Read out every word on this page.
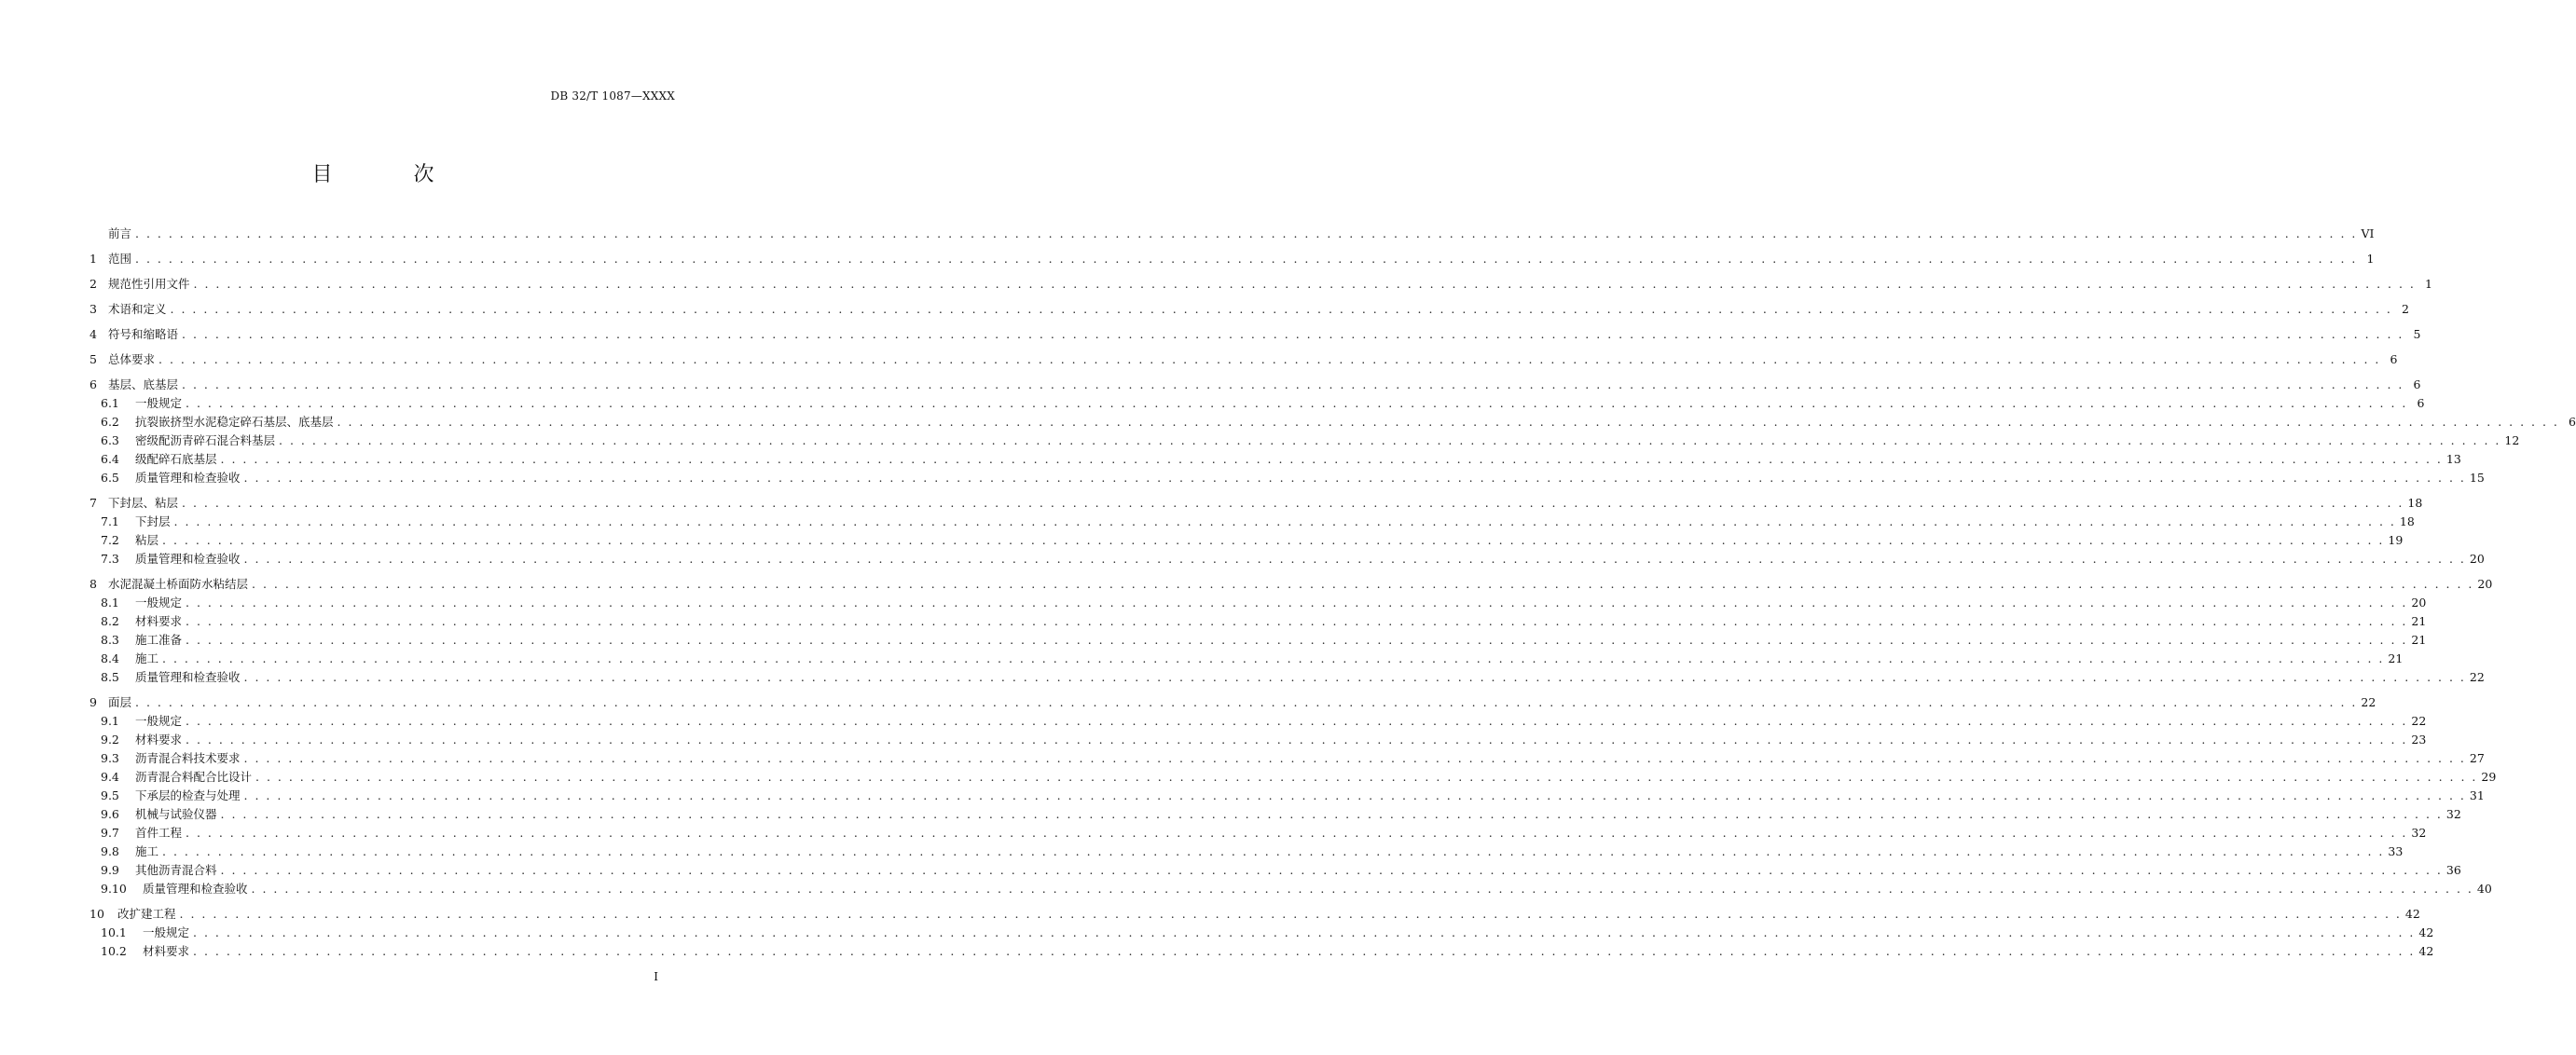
DB 32/T 1087—XXXX
目 次
前言 . . . . . . . . . . . . . . . . . . . . . . . . . . . . . . . . . . . . . . . . . . . . . . . . . . . . . . . . . . . . . . . . . . . . . . . . . . . . . . . . . . . . . . . . . . . . . . . . . . . . . . . . . . . . . . . . . . . . . . . . . . . . . . . . . . . . . . . . . . . . . . . . . . . . . . . . . . . . . . . . . . . . . . . . . . . . . . . . . . . . . . . . . . . . . . . . . . . . . . . . VI
1 范围 . . . . . . . . . . . . . . . . . . . . . . . . . . . . . . . . . . . . . . . . . . . . . . . . . . . . . . . . . . . . . . . . . . . . . . . . . . . . . . . . . . . . . . . . . . . . . . . . . . . . . . . . . . . . . . . . . . . . . . . . . . . . . . . . . . . . . . . . . . . . . . . . . . . . . . . . . . . . . . . . . . . . . . . . . . . . . . . . . . . . . . . . . . . . . . . . . . . . . . . . 1
2 规范性引用文件 . . . . . . . . . . . . . . . . . . . . . . . . . . . . . . . . . . . . . . . . . . . . . . . . . . . . . . . . . . . . . . . . . . . . . . . . . . . . . . . . . . . . . . . . . . . . . . . . . . . . . . . . . . . . . . . . . . . . . . . . . . . . . . . . . . . . . . . . . . . . . . . . . . . . . . . . . . . . . . . . . . . . . . . . . . . . . . . . . . . . . . . . . . . . . . . . . . . . . . . . 1
3 术语和定义 . . . . . . . . . . . . . . . . . . . . . . . . . . . . . . . . . . . . . . . . . . . . . . . . . . . . . . . . . . . . . . . . . . . . . . . . . . . . . . . . . . . . . . . . . . . . . . . . . . . . . . . . . . . . . . . . . . . . . . . . . . . . . . . . . . . . . . . . . . . . . . . . . . . . . . . . . . . . . . . . . . . . . . . . . . . . . . . . . . . . . . . . . . . . . . . . . . . . . . . . 2
4 符号和缩略语 . . . . . . . . . . . . . . . . . . . . . . . . . . . . . . . . . . . . . . . . . . . . . . . . . . . . . . . . . . . . . . . . . . . . . . . . . . . . . . . . . . . . . . . . . . . . . . . . . . . . . . . . . . . . . . . . . . . . . . . . . . . . . . . . . . . . . . . . . . . . . . . . . . . . . . . . . . . . . . . . . . . . . . . . . . . . . . . . . . . . . . . . . . . . . . . . . . . . . . . . 5
5 总体要求 . . . . . . . . . . . . . . . . . . . . . . . . . . . . . . . . . . . . . . . . . . . . . . . . . . . . . . . . . . . . . . . . . . . . . . . . . . . . . . . . . . . . . . . . . . . . . . . . . . . . . . . . . . . . . . . . . . . . . . . . . . . . . . . . . . . . . . . . . . . . . . . . . . . . . . . . . . . . . . . . . . . . . . . . . . . . . . . . . . . . . . . . . . . . . . . . . . . . . . . . 6
6 基层、底基层 . . . . . . . . . . . . . . . . . . . . . . . . . . . . . . . . . . . . . . . . . . . . . . . . . . . . . . . . . . . . . . . . . . . . . . . . . . . . . . . . . . . . . . . . . . . . . . . . . . . . . . . . . . . . . . . . . . . . . . . . . . . . . . . . . . . . . . . . . . . . . . . . . . . . . . . . . . . . . . . . . . . . . . . . . . . . . . . . . . . . . . . . . . . . . . . . . . . . . . . . 6
6.1	一般规定 . . . . . . . . . . . . . . . . . . . . . . . . . . . . . . . . . . . . . . . . . . . . . . . . . . . . . . . . . . . . . . . . . . . . . . . . . . . . . . . . . . . . . . . . . . . . . . . . . . . . . . . . . . . . . . . . . . . . . . . . . . . . . . . . . . . . . . . . . . . . . . . . . . . . . . . . . . . . . . . . . . . . . . . . . . . . . . . . . . . . . . . . . . . . . . . . . . . . . . . . 6
6.2	抗裂嵌挤型水泥稳定碎石基层、底基层 . . . . . . . . . . . . . . . . . . . . . . . . . . . . . . . . . . . . . . . . . . . . . . . . . . . . . . . . . . . . . . . . . . . . . . . . . . . . . . . . . . . . . . . . . . . . . . . . . . . . . . . . . . . . . . . . . . . . . . . . . . . . . . . . . . . . . . . . . . . . . . . . . . . . . . . . . . . . . . . . . . . . . . . . . . . . . . . . . . . . . . . . . . . . . . . . . . . . . . . . 6
6.3	密级配沥青碎石混合料基层 . . . . . . . . . . . . . . . . . . . . . . . . . . . . . . . . . . . . . . . . . . . . . . . . . . . . . . . . . . . . . . . . . . . . . . . . . . . . . . . . . . . . . . . . . . . . . . . . . . . . . . . . . . . . . . . . . . . . . . . . . . . . . . . . . . . . . . . . . . . . . . . . . . . . . . . . . . . . . . . . . . . . . . . . . . . . . . . . . . . . . . . . . . . . . . . . . . . . . . . . 12
6.4	级配碎石底基层 . . . . . . . . . . . . . . . . . . . . . . . . . . . . . . . . . . . . . . . . . . . . . . . . . . . . . . . . . . . . . . . . . . . . . . . . . . . . . . . . . . . . . . . . . . . . . . . . . . . . . . . . . . . . . . . . . . . . . . . . . . . . . . . . . . . . . . . . . . . . . . . . . . . . . . . . . . . . . . . . . . . . . . . . . . . . . . . . . . . . . . . . . . . . . . . . . . . . . . . . 13
6.5	质量管理和检查验收 . . . . . . . . . . . . . . . . . . . . . . . . . . . . . . . . . . . . . . . . . . . . . . . . . . . . . . . . . . . . . . . . . . . . . . . . . . . . . . . . . . . . . . . . . . . . . . . . . . . . . . . . . . . . . . . . . . . . . . . . . . . . . . . . . . . . . . . . . . . . . . . . . . . . . . . . . . . . . . . . . . . . . . . . . . . . . . . . . . . . . . . . . . . . . . . . . . . . . . . . 15
7 下封层、粘层 . . . . . . . . . . . . . . . . . . . . . . . . . . . . . . . . . . . . . . . . . . . . . . . . . . . . . . . . . . . . . . . . . . . . . . . . . . . . . . . . . . . . . . . . . . . . . . . . . . . . . . . . . . . . . . . . . . . . . . . . . . . . . . . . . . . . . . . . . . . . . . . . . . . . . . . . . . . . . . . . . . . . . . . . . . . . . . . . . . . . . . . . . . . . . . . . . . . . . . . . 18
7.1	下封层 . . . . . . . . . . . . . . . . . . . . . . . . . . . . . . . . . . . . . . . . . . . . . . . . . . . . . . . . . . . . . . . . . . . . . . . . . . . . . . . . . . . . . . . . . . . . . . . . . . . . . . . . . . . . . . . . . . . . . . . . . . . . . . . . . . . . . . . . . . . . . . . . . . . . . . . . . . . . . . . . . . . . . . . . . . . . . . . . . . . . . . . . . . . . . . . . . . . . . . . . 18
7.2	粘层 . . . . . . . . . . . . . . . . . . . . . . . . . . . . . . . . . . . . . . . . . . . . . . . . . . . . . . . . . . . . . . . . . . . . . . . . . . . . . . . . . . . . . . . . . . . . . . . . . . . . . . . . . . . . . . . . . . . . . . . . . . . . . . . . . . . . . . . . . . . . . . . . . . . . . . . . . . . . . . . . . . . . . . . . . . . . . . . . . . . . . . . . . . . . . . . . . . . . . . . . 19
7.3	质量管理和检查验收 . . . . . . . . . . . . . . . . . . . . . . . . . . . . . . . . . . . . . . . . . . . . . . . . . . . . . . . . . . . . . . . . . . . . . . . . . . . . . . . . . . . . . . . . . . . . . . . . . . . . . . . . . . . . . . . . . . . . . . . . . . . . . . . . . . . . . . . . . . . . . . . . . . . . . . . . . . . . . . . . . . . . . . . . . . . . . . . . . . . . . . . . . . . . . . . . . . . . . . . . 20
8 水泥混凝土桥面防水粘结层 . . . . . . . . . . . . . . . . . . . . . . . . . . . . . . . . . . . . . . . . . . . . . . . . . . . . . . . . . . . . . . . . . . . . . . . . . . . . . . . . . . . . . . . . . . . . . . . . . . . . . . . . . . . . . . . . . . . . . . . . . . . . . . . . . . . . . . . . . . . . . . . . . . . . . . . . . . . . . . . . . . . . . . . . . . . . . . . . . . . . . . . . . . . . . . . . . . . . . . . . 20
8.1	一般规定 . . . . . . . . . . . . . . . . . . . . . . . . . . . . . . . . . . . . . . . . . . . . . . . . . . . . . . . . . . . . . . . . . . . . . . . . . . . . . . . . . . . . . . . . . . . . . . . . . . . . . . . . . . . . . . . . . . . . . . . . . . . . . . . . . . . . . . . . . . . . . . . . . . . . . . . . . . . . . . . . . . . . . . . . . . . . . . . . . . . . . . . . . . . . . . . . . . . . . . . . 20
8.2	材料要求 . . . . . . . . . . . . . . . . . . . . . . . . . . . . . . . . . . . . . . . . . . . . . . . . . . . . . . . . . . . . . . . . . . . . . . . . . . . . . . . . . . . . . . . . . . . . . . . . . . . . . . . . . . . . . . . . . . . . . . . . . . . . . . . . . . . . . . . . . . . . . . . . . . . . . . . . . . . . . . . . . . . . . . . . . . . . . . . . . . . . . . . . . . . . . . . . . . . . . . . . 21
8.3	施工准备 . . . . . . . . . . . . . . . . . . . . . . . . . . . . . . . . . . . . . . . . . . . . . . . . . . . . . . . . . . . . . . . . . . . . . . . . . . . . . . . . . . . . . . . . . . . . . . . . . . . . . . . . . . . . . . . . . . . . . . . . . . . . . . . . . . . . . . . . . . . . . . . . . . . . . . . . . . . . . . . . . . . . . . . . . . . . . . . . . . . . . . . . . . . . . . . . . . . . . . . . 21
8.4	施工 . . . . . . . . . . . . . . . . . . . . . . . . . . . . . . . . . . . . . . . . . . . . . . . . . . . . . . . . . . . . . . . . . . . . . . . . . . . . . . . . . . . . . . . . . . . . . . . . . . . . . . . . . . . . . . . . . . . . . . . . . . . . . . . . . . . . . . . . . . . . . . . . . . . . . . . . . . . . . . . . . . . . . . . . . . . . . . . . . . . . . . . . . . . . . . . . . . . . . . . . 21
8.5	质量管理和检查验收 . . . . . . . . . . . . . . . . . . . . . . . . . . . . . . . . . . . . . . . . . . . . . . . . . . . . . . . . . . . . . . . . . . . . . . . . . . . . . . . . . . . . . . . . . . . . . . . . . . . . . . . . . . . . . . . . . . . . . . . . . . . . . . . . . . . . . . . . . . . . . . . . . . . . . . . . . . . . . . . . . . . . . . . . . . . . . . . . . . . . . . . . . . . . . . . . . . . . . . . . 22
9 面层 . . . . . . . . . . . . . . . . . . . . . . . . . . . . . . . . . . . . . . . . . . . . . . . . . . . . . . . . . . . . . . . . . . . . . . . . . . . . . . . . . . . . . . . . . . . . . . . . . . . . . . . . . . . . . . . . . . . . . . . . . . . . . . . . . . . . . . . . . . . . . . . . . . . . . . . . . . . . . . . . . . . . . . . . . . . . . . . . . . . . . . . . . . . . . . . . . . . . . . . . 22
9.1	一般规定 . . . . . . . . . . . . . . . . . . . . . . . . . . . . . . . . . . . . . . . . . . . . . . . . . . . . . . . . . . . . . . . . . . . . . . . . . . . . . . . . . . . . . . . . . . . . . . . . . . . . . . . . . . . . . . . . . . . . . . . . . . . . . . . . . . . . . . . . . . . . . . . . . . . . . . . . . . . . . . . . . . . . . . . . . . . . . . . . . . . . . . . . . . . . . . . . . . . . . . . . 22
9.2	材料要求 . . . . . . . . . . . . . . . . . . . . . . . . . . . . . . . . . . . . . . . . . . . . . . . . . . . . . . . . . . . . . . . . . . . . . . . . . . . . . . . . . . . . . . . . . . . . . . . . . . . . . . . . . . . . . . . . . . . . . . . . . . . . . . . . . . . . . . . . . . . . . . . . . . . . . . . . . . . . . . . . . . . . . . . . . . . . . . . . . . . . . . . . . . . . . . . . . . . . . . . . 23
9.3	沥青混合料技术要求 . . . . . . . . . . . . . . . . . . . . . . . . . . . . . . . . . . . . . . . . . . . . . . . . . . . . . . . . . . . . . . . . . . . . . . . . . . . . . . . . . . . . . . . . . . . . . . . . . . . . . . . . . . . . . . . . . . . . . . . . . . . . . . . . . . . . . . . . . . . . . . . . . . . . . . . . . . . . . . . . . . . . . . . . . . . . . . . . . . . . . . . . . . . . . . . . . . . . . . . . 27
9.4	沥青混合料配合比设计 . . . . . . . . . . . . . . . . . . . . . . . . . . . . . . . . . . . . . . . . . . . . . . . . . . . . . . . . . . . . . . . . . . . . . . . . . . . . . . . . . . . . . . . . . . . . . . . . . . . . . . . . . . . . . . . . . . . . . . . . . . . . . . . . . . . . . . . . . . . . . . . . . . . . . . . . . . . . . . . . . . . . . . . . . . . . . . . . . . . . . . . . . . . . . . . . . . . . . . . . 29
9.5	下承层的检查与处理 . . . . . . . . . . . . . . . . . . . . . . . . . . . . . . . . . . . . . . . . . . . . . . . . . . . . . . . . . . . . . . . . . . . . . . . . . . . . . . . . . . . . . . . . . . . . . . . . . . . . . . . . . . . . . . . . . . . . . . . . . . . . . . . . . . . . . . . . . . . . . . . . . . . . . . . . . . . . . . . . . . . . . . . . . . . . . . . . . . . . . . . . . . . . . . . . . . . . . . . . 31
9.6	机械与试验仪器 . . . . . . . . . . . . . . . . . . . . . . . . . . . . . . . . . . . . . . . . . . . . . . . . . . . . . . . . . . . . . . . . . . . . . . . . . . . . . . . . . . . . . . . . . . . . . . . . . . . . . . . . . . . . . . . . . . . . . . . . . . . . . . . . . . . . . . . . . . . . . . . . . . . . . . . . . . . . . . . . . . . . . . . . . . . . . . . . . . . . . . . . . . . . . . . . . . . . . . . . 32
9.7	首件工程 . . . . . . . . . . . . . . . . . . . . . . . . . . . . . . . . . . . . . . . . . . . . . . . . . . . . . . . . . . . . . . . . . . . . . . . . . . . . . . . . . . . . . . . . . . . . . . . . . . . . . . . . . . . . . . . . . . . . . . . . . . . . . . . . . . . . . . . . . . . . . . . . . . . . . . . . . . . . . . . . . . . . . . . . . . . . . . . . . . . . . . . . . . . . . . . . . . . . . . . . 32
9.8	施工 . . . . . . . . . . . . . . . . . . . . . . . . . . . . . . . . . . . . . . . . . . . . . . . . . . . . . . . . . . . . . . . . . . . . . . . . . . . . . . . . . . . . . . . . . . . . . . . . . . . . . . . . . . . . . . . . . . . . . . . . . . . . . . . . . . . . . . . . . . . . . . . . . . . . . . . . . . . . . . . . . . . . . . . . . . . . . . . . . . . . . . . . . . . . . . . . . . . . . . . . 33
9.9	其他沥青混合料 . . . . . . . . . . . . . . . . . . . . . . . . . . . . . . . . . . . . . . . . . . . . . . . . . . . . . . . . . . . . . . . . . . . . . . . . . . . . . . . . . . . . . . . . . . . . . . . . . . . . . . . . . . . . . . . . . . . . . . . . . . . . . . . . . . . . . . . . . . . . . . . . . . . . . . . . . . . . . . . . . . . . . . . . . . . . . . . . . . . . . . . . . . . . . . . . . . . . . . . . 36
9.10	质量管理和检查验收 . . . . . . . . . . . . . . . . . . . . . . . . . . . . . . . . . . . . . . . . . . . . . . . . . . . . . . . . . . . . . . . . . . . . . . . . . . . . . . . . . . . . . . . . . . . . . . . . . . . . . . . . . . . . . . . . . . . . . . . . . . . . . . . . . . . . . . . . . . . . . . . . . . . . . . . . . . . . . . . . . . . . . . . . . . . . . . . . . . . . . . . . . . . . . . . . . . . . . . . . 40
10	改扩建工程 . . . . . . . . . . . . . . . . . . . . . . . . . . . . . . . . . . . . . . . . . . . . . . . . . . . . . . . . . . . . . . . . . . . . . . . . . . . . . . . . . . . . . . . . . . . . . . . . . . . . . . . . . . . . . . . . . . . . . . . . . . . . . . . . . . . . . . . . . . . . . . . . . . . . . . . . . . . . . . . . . . . . . . . . . . . . . . . . . . . . . . . . . . . . . . . . . . . . . . . . 42
10.1	一般规定 . . . . . . . . . . . . . . . . . . . . . . . . . . . . . . . . . . . . . . . . . . . . . . . . . . . . . . . . . . . . . . . . . . . . . . . . . . . . . . . . . . . . . . . . . . . . . . . . . . . . . . . . . . . . . . . . . . . . . . . . . . . . . . . . . . . . . . . . . . . . . . . . . . . . . . . . . . . . . . . . . . . . . . . . . . . . . . . . . . . . . . . . . . . . . . . . . . . . . . . . 42
10.2	材料要求 . . . . . . . . . . . . . . . . . . . . . . . . . . . . . . . . . . . . . . . . . . . . . . . . . . . . . . . . . . . . . . . . . . . . . . . . . . . . . . . . . . . . . . . . . . . . . . . . . . . . . . . . . . . . . . . . . . . . . . . . . . . . . . . . . . . . . . . . . . . . . . . . . . . . . . . . . . . . . . . . . . . . . . . . . . . . . . . . . . . . . . . . . . . . . . . . . . . . . . . . 42
I
